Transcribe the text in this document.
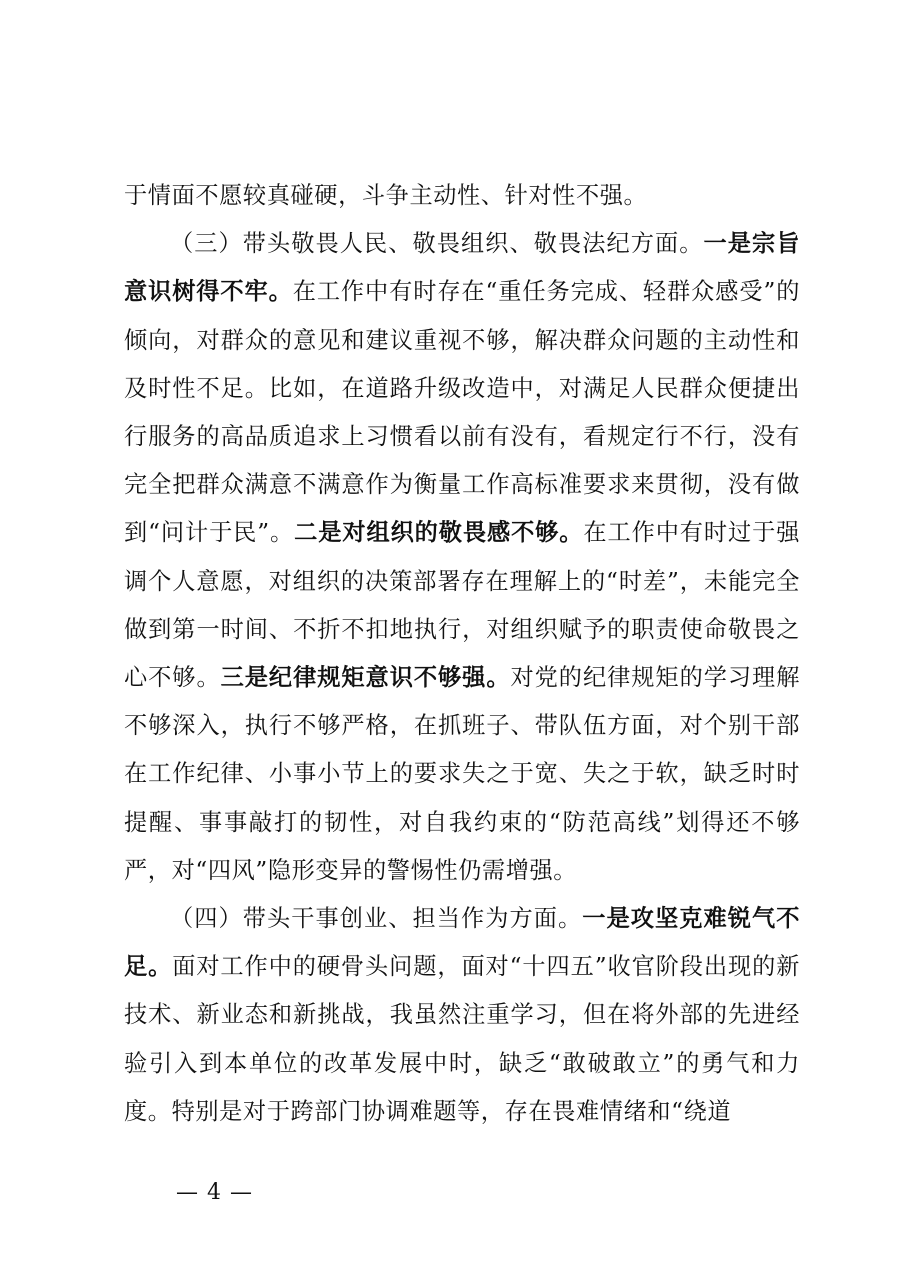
于情面不愿较真碰硬，斗争主动性、针对性不强。

（三）带头敬畏人民、敬畏组织、敬畏法纪方面。一是宗旨意识树得不牢。在工作中有时存在“重任务完成、轻群众感受”的倾向，对群众的意见和建议重视不够，解决群众问题的主动性和及时性不足。比如，在道路升级改造中，对满足人民群众便捷出行服务的高品质追求上习惯看以前有没有，看规定行不行，没有完全把群众满意不满意作为衡量工作高标准要求来贯彻，没有做到“问计于民”。二是对组织的敬畏感不够。在工作中有时过于强调个人意愿，对组织的决策部署存在理解上的“时差”，未能完全做到第一时间、不折不扣地执行，对组织赋予的职责使命敬畏之心不够。三是纪律规矩意识不够强。对党的纪律规矩的学习理解不够深入，执行不够严格，在抓班子、带队伍方面，对个别干部在工作纪律、小事小节上的要求失之于宽、失之于软，缺乏时时提醒、事事敲打的韧性，对自我约束的“防范高线”划得还不够严，对“四风”隐形变异的警惕性仍需增强。

（四）带头干事创业、担当作为方面。一是攻坚克难锐气不足。面对工作中的硬骨头问题，面对“十四五”收官阶段出现的新技术、新业态和新挑战，我虽然注重学习，但在将外部的先进经验引入到本单位的改革发展中时，缺乏“敢破敢立”的勇气和力度。特别是对于跨部门协调难题等，存在畏难情绪和“绕道

— 4 —
